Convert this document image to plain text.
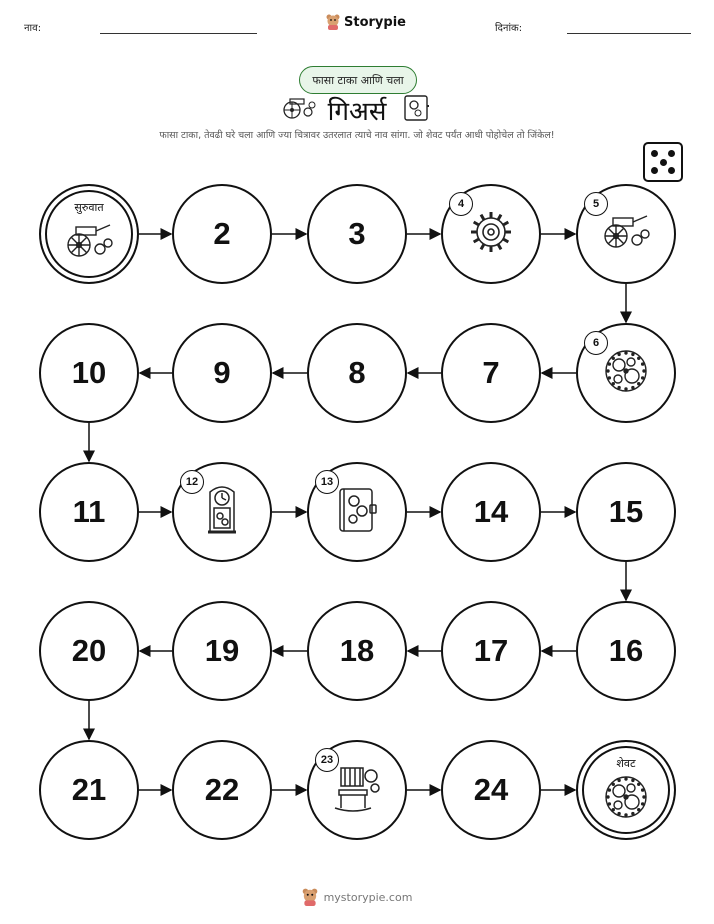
नाव:	Storypie	दिनांक:
फासा टाका आणि चला
गिअर्स
फासा टाका, तेवढी घरे चला आणि ज्या चित्रावर उतरलात त्याचे नाव सांगा. जो शेवट पर्यंत आधी पोहोचेल तो जिंकेल!
सुरुवात
2	3
4	5
6
7
8
9
10
11
12	13
14	15
16
17
18
19
20
21	22
23
24
शेवट
mystorypie.com
